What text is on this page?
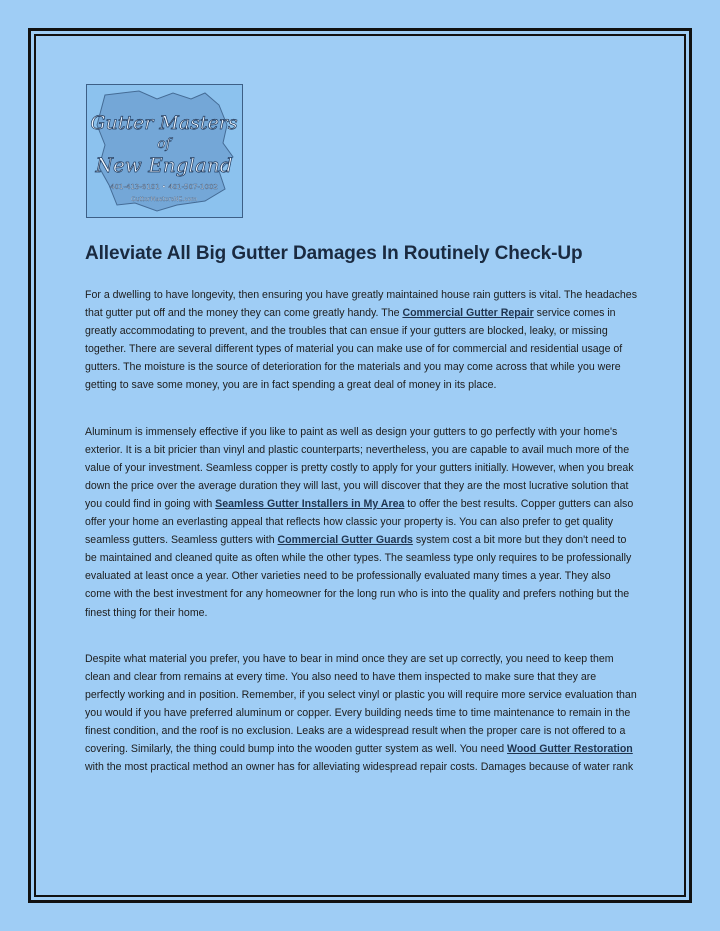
Gutter Masters
of
New England
401-413-8101 • 401-507-1002
GutterMastersNE.com
Alleviate All Big Gutter Damages In Routinely Check-Up

For a dwelling to have longevity, then ensuring you have greatly maintained house rain gutters is vital. The headaches that gutter put off and the money they can come greatly handy. The Commercial Gutter Repair service comes in greatly accommodating to prevent, and the troubles that can ensue if your gutters are blocked, leaky, or missing together. There are several different types of material you can make use of for commercial and residential usage of gutters. The moisture is the source of deterioration for the materials and you may come across that while you were getting to save some money, you are in fact spending a great deal of money in its place.

Aluminum is immensely effective if you like to paint as well as design your gutters to go perfectly with your home's exterior. It is a bit pricier than vinyl and plastic counterparts; nevertheless, you are capable to avail much more of the value of your investment. Seamless copper is pretty costly to apply for your gutters initially. However, when you break down the price over the average duration they will last, you will discover that they are the most lucrative solution that you could find in going with Seamless Gutter Installers in My Area to offer the best results. Copper gutters can also offer your home an everlasting appeal that reflects how classic your property is. You can also prefer to get quality seamless gutters. Seamless gutters with Commercial Gutter Guards system cost a bit more but they don't need to be maintained and cleaned quite as often while the other types. The seamless type only requires to be professionally evaluated at least once a year. Other varieties need to be professionally evaluated many times a year. They also come with the best investment for any homeowner for the long run who is into the quality and prefers nothing but the finest thing for their home.

Despite what material you prefer, you have to bear in mind once they are set up correctly, you need to keep them clean and clear from remains at every time. You also need to have them inspected to make sure that they are perfectly working and in position. Remember, if you select vinyl or plastic you will require more service evaluation than you would if you have preferred aluminum or copper. Every building needs time to time maintenance to remain in the finest condition, and the roof is no exclusion. Leaks are a widespread result when the proper care is not offered to a covering. Similarly, the thing could bump into the wooden gutter system as well. You need Wood Gutter Restoration with the most practical method an owner has for alleviating widespread repair costs. Damages because of water rank
